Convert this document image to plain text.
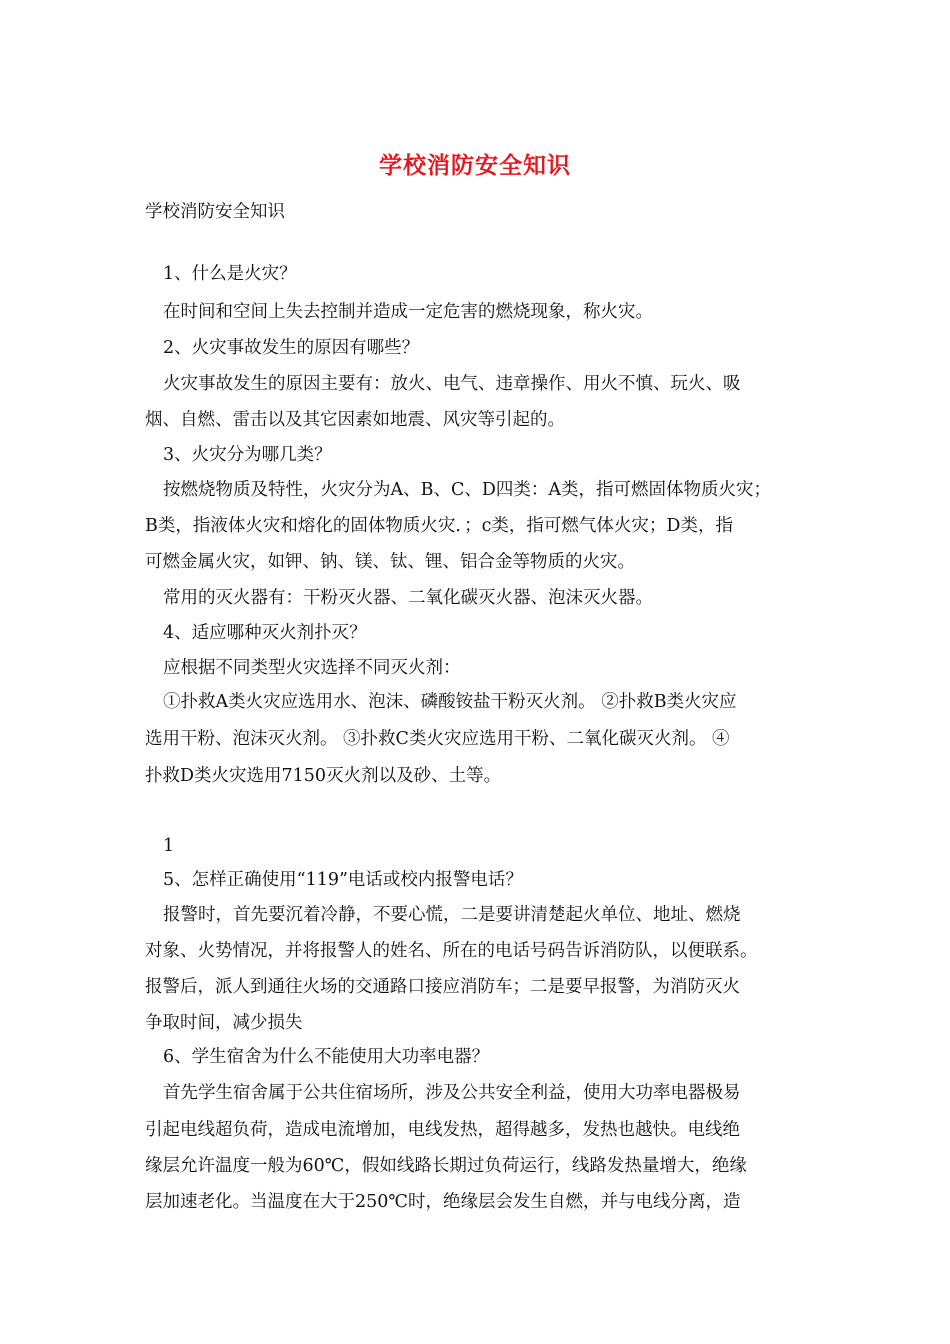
学校消防安全知识
学校消防安全知识
1、什么是火灾？
在时间和空间上失去控制并造成一定危害的燃烧现象，称火灾。
2、火灾事故发生的原因有哪些？
火灾事故发生的原因主要有：放火、电气、违章操作、用火不慎、玩火、吸
烟、自燃、雷击以及其它因素如地震、风灾等引起的。
3、火灾分为哪几类？
按燃烧物质及特性，火灾分为A、B、C、D四类：A类，指可燃固体物质火灾；
B类，指液体火灾和熔化的固体物质火灾．；c类，指可燃气体火灾；D类，指
可燃金属火灾，如钾、钠、镁、钛、锂、铝合金等物质的火灾。
常用的灭火器有：干粉灭火器、二氧化碳灭火器、泡沫灭火器。
4、适应哪种灭火剂扑灭？
应根据不同类型火灾选择不同灭火剂：
①扑救A类火灾应选用水、泡沫、磷酸铵盐干粉灭火剂。 ②扑救B类火灾应
选用干粉、泡沫灭火剂。 ③扑救C类火灾应选用干粉、二氧化碳灭火剂。 ④
扑救D类火灾选用7150灭火剂以及砂、土等。
1
5、怎样正确使用“119”电话或校内报警电话？
报警时，首先要沉着冷静，不要心慌，二是要讲清楚起火单位、地址、燃烧
对象、火势情况，并将报警人的姓名、所在的电话号码告诉消防队，以便联系。
报警后，派人到通往火场的交通路口接应消防车；二是要早报警，为消防灭火
争取时间，减少损失
6、学生宿舍为什么不能使用大功率电器？
首先学生宿舍属于公共住宿场所，涉及公共安全利益，使用大功率电器极易
引起电线超负荷，造成电流增加，电线发热，超得越多，发热也越快。电线绝
缘层允许温度一般为60℃，假如线路长期过负荷运行，线路发热量增大，绝缘
层加速老化。当温度在大于250℃时，绝缘层会发生自燃，并与电线分离，造
